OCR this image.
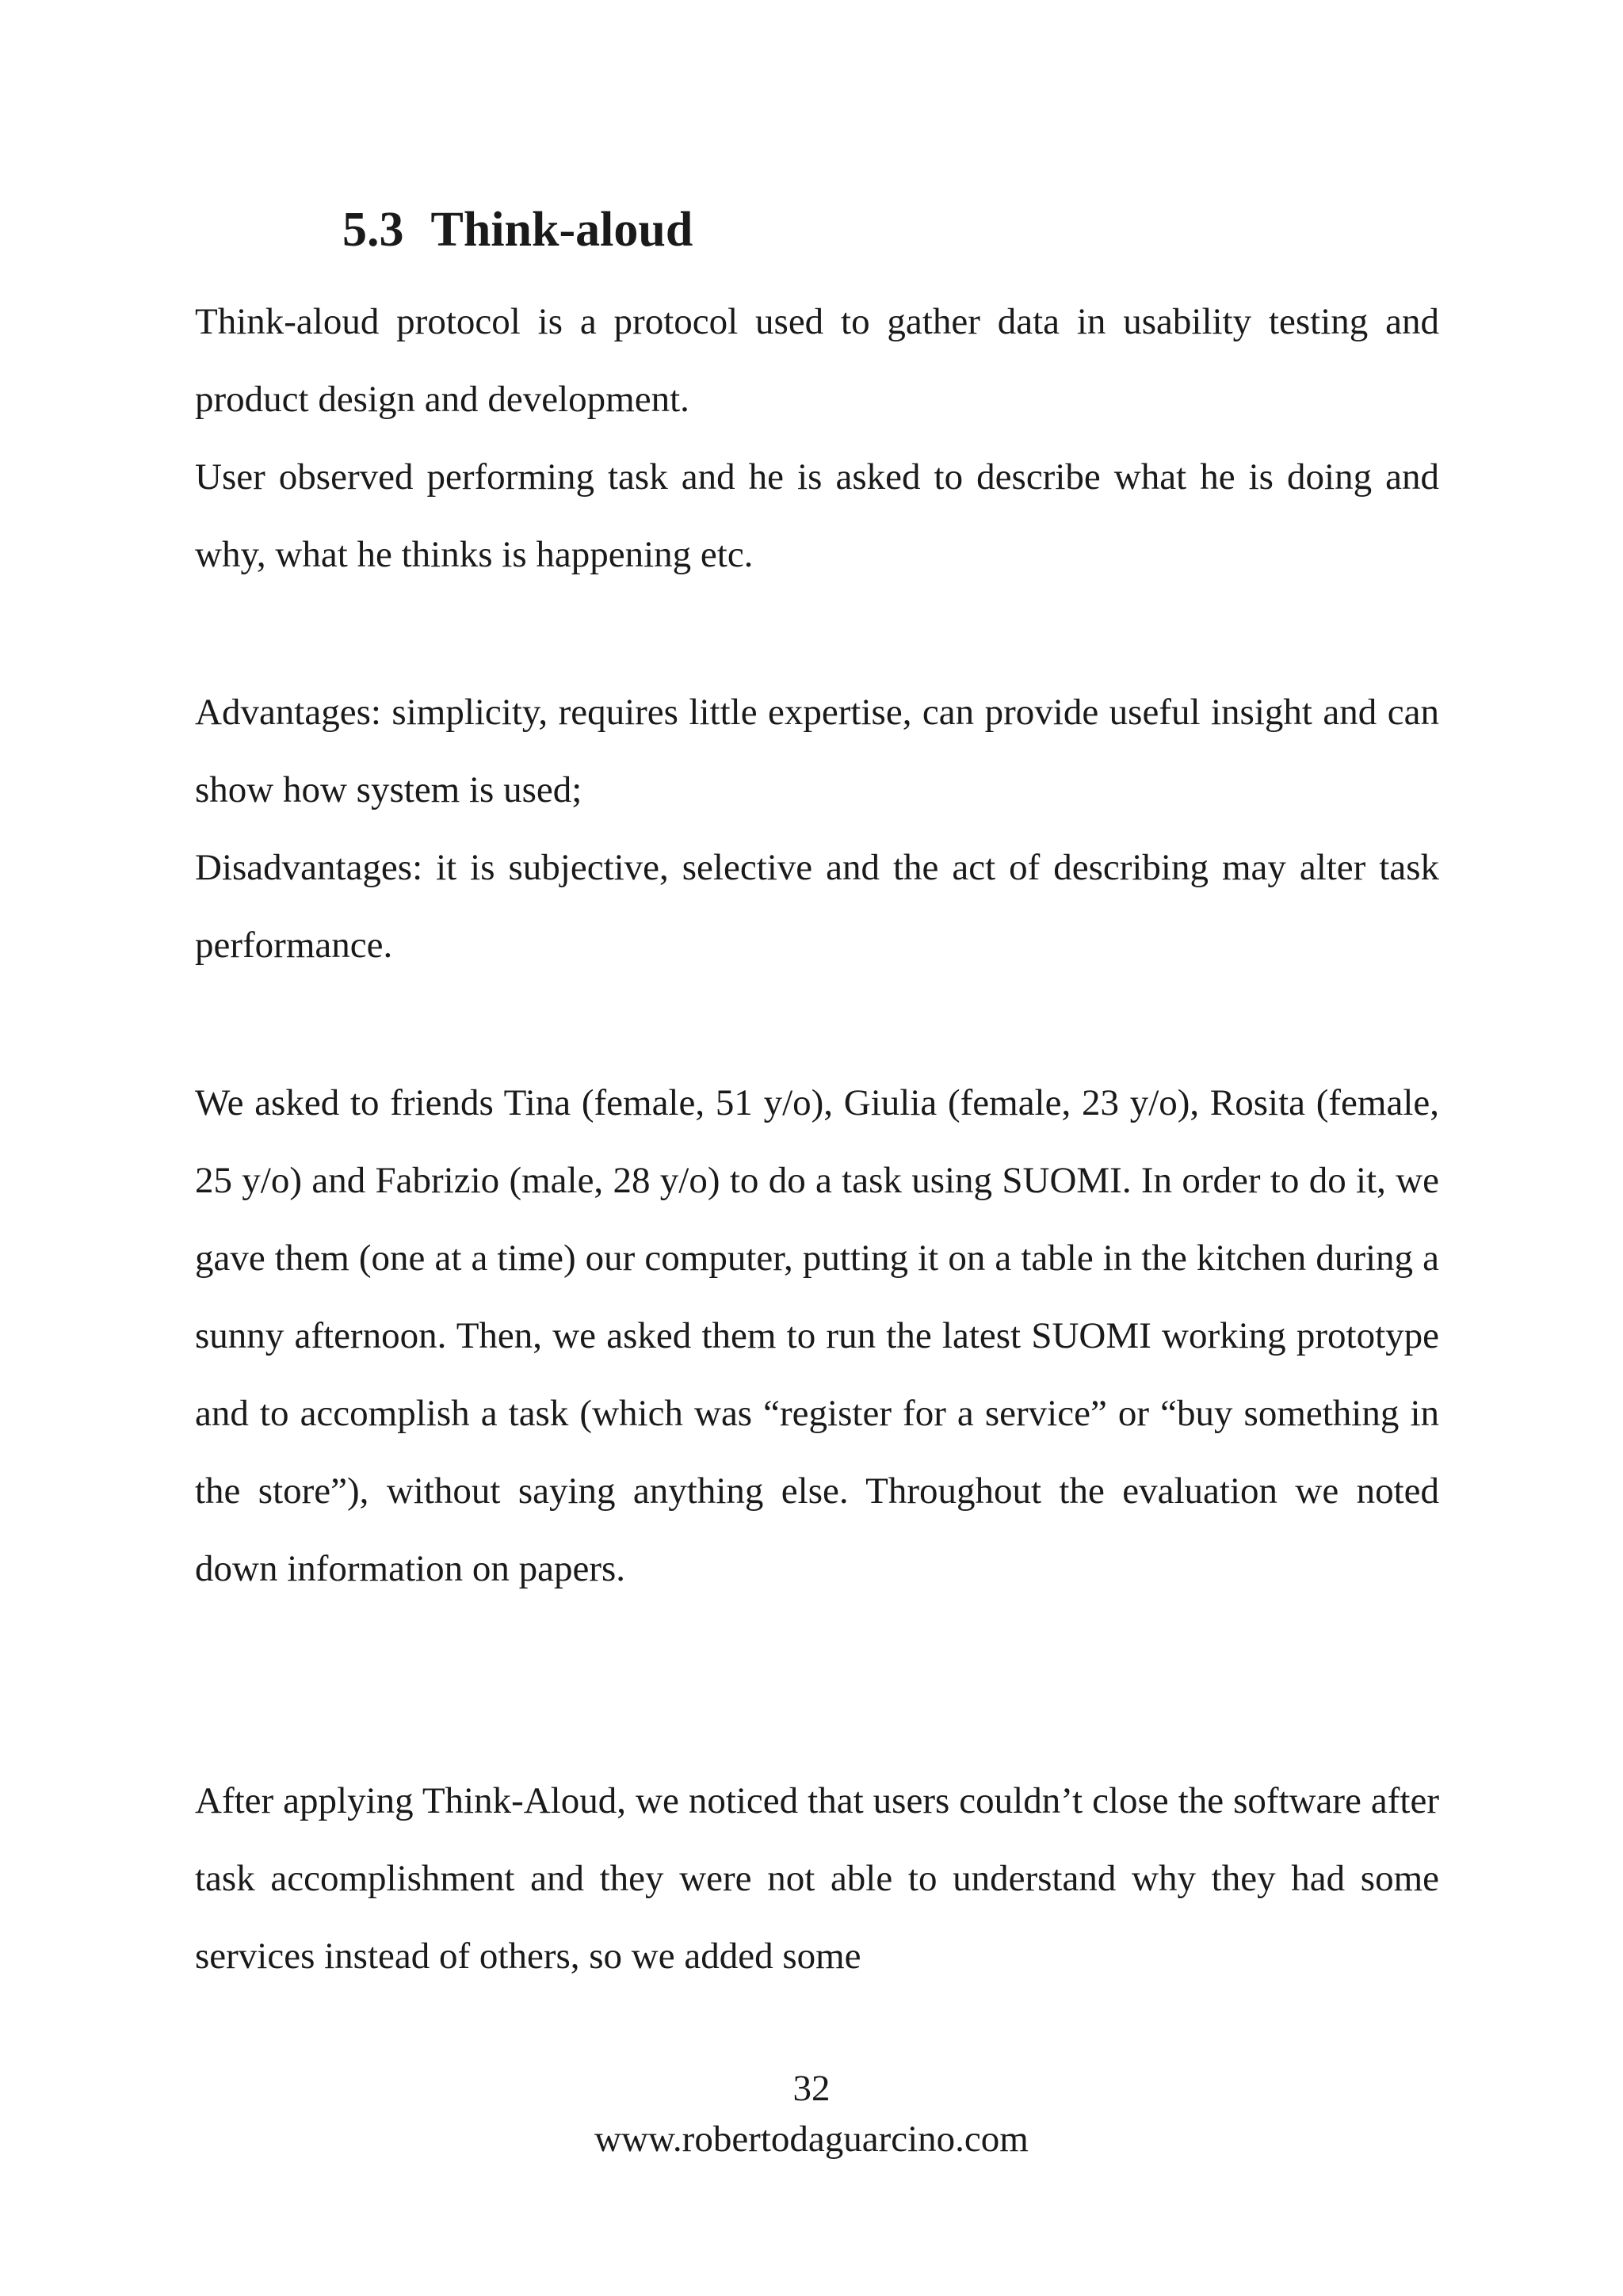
5.3 Think-aloud

Think-aloud protocol is a protocol used to gather data in usability testing and product design and development.
User observed performing task and he is asked to describe what he is doing and why, what he thinks is happening etc.

Advantages: simplicity, requires little expertise, can provide useful insight and can show how system is used;
Disadvantages: it is subjective, selective and the act of describing may alter task performance.

We asked to friends Tina (female, 51 y/o), Giulia (female, 23 y/o), Rosita (female, 25 y/o) and Fabrizio (male, 28 y/o) to do a task using SUOMI. In order to do it, we gave them (one at a time) our computer, putting it on a table in the kitchen during a sunny afternoon. Then, we asked them to run the latest SUOMI working prototype and to accomplish a task (which was “register for a service” or “buy something in the store”), without saying anything else. Throughout the evaluation we noted down information on papers.

After applying Think-Aloud, we noticed that users couldn’t close the software after task accomplishment and they were not able to understand why they had some services instead of others, so we added some

32

www.robertodaguarcino.com
